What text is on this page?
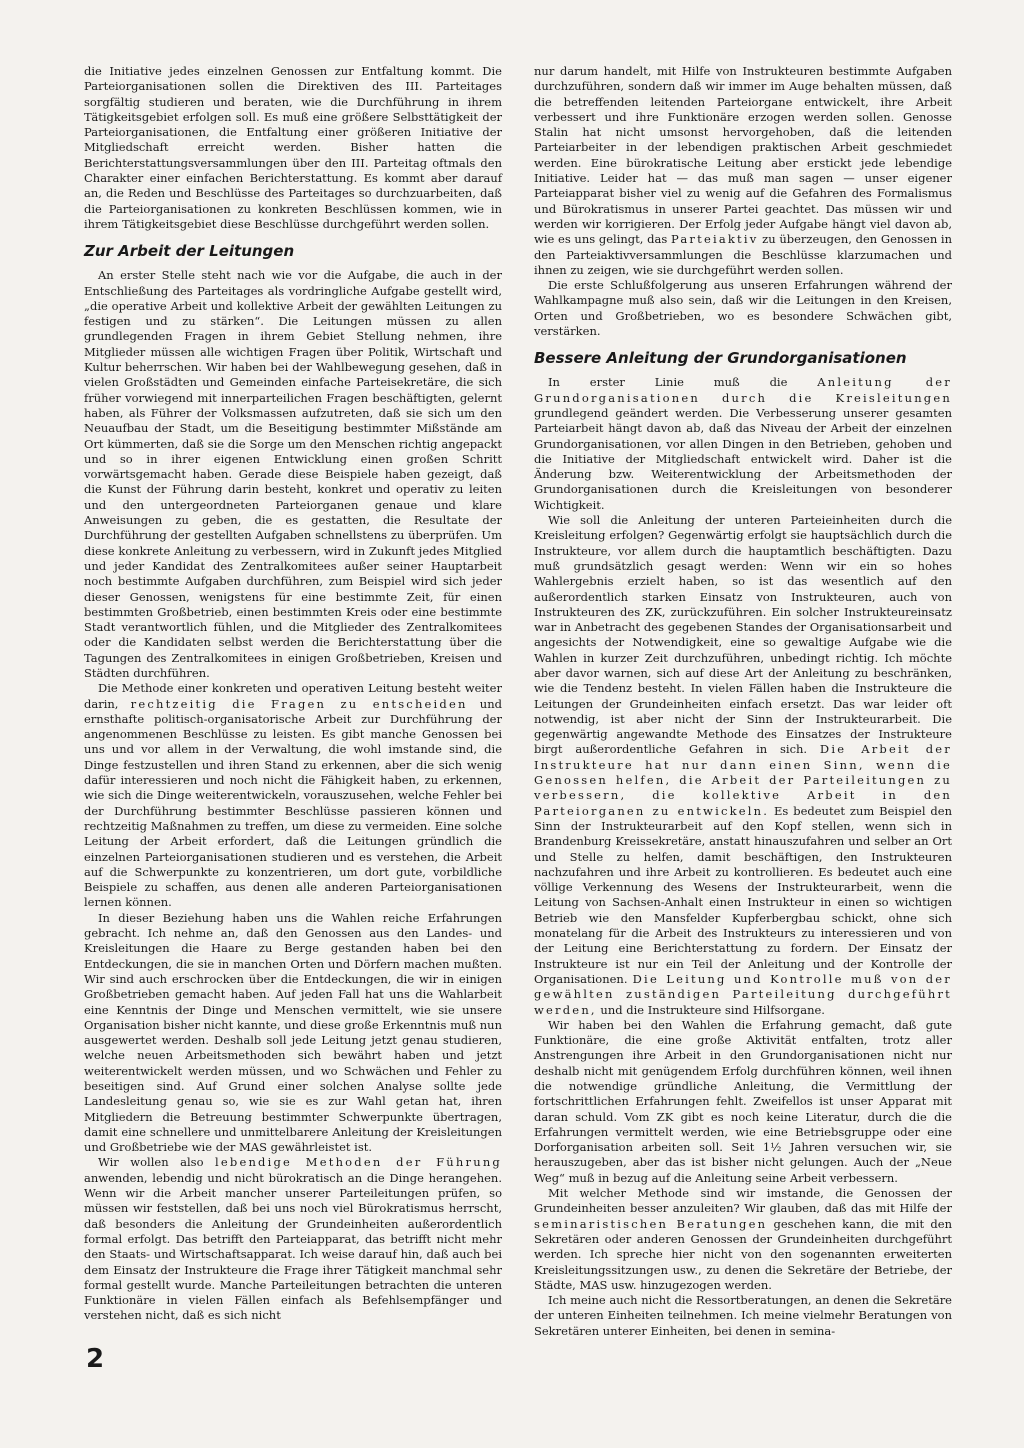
die Initiative jedes einzelnen Genossen zur Entfaltung kommt. Die Parteiorganisationen sollen die Direktiven des III. Parteitages sorgfältig studieren und beraten, wie die Durchführung in ihrem Tätigkeitsgebiet erfolgen soll. Es muß eine größere Selbsttätigkeit der Parteiorganisationen, die Entfaltung einer größeren Initiative der Mitgliedschaft erreicht werden. Bisher hatten die Berichterstattungsversammlungen über den III. Parteitag oftmals den Charakter einer einfachen Berichterstattung. Es kommt aber darauf an, die Reden und Beschlüsse des Parteitages so durchzuarbeiten, daß die Parteiorganisationen zu konkreten Beschlüssen kommen, wie in ihrem Tätigkeitsgebiet diese Beschlüsse durchgeführt werden sollen.

Zur Arbeit der Leitungen

An erster Stelle steht nach wie vor die Aufgabe, die auch in der Entschließung des Parteitages als vordringliche Aufgabe gestellt wird, „die operative Arbeit und kollektive Arbeit der gewählten Leitungen zu festigen und zu stärken“. Die Leitungen müssen zu allen grundlegenden Fragen in ihrem Gebiet Stellung nehmen, ihre Mitglieder müssen alle wichtigen Fragen über Politik, Wirtschaft und Kultur beherrschen. Wir haben bei der Wahlbewegung gesehen, daß in vielen Großstädten und Gemeinden einfache Parteisekretäre, die sich früher vorwiegend mit innerparteilichen Fragen beschäftigten, gelernt haben, als Führer der Volksmassen aufzutreten, daß sie sich um den Neuaufbau der Stadt, um die Beseitigung bestimmter Mißstände am Ort kümmerten, daß sie die Sorge um den Menschen richtig angepackt und so in ihrer eigenen Entwicklung einen großen Schritt vorwärtsgemacht haben. Gerade diese Beispiele haben gezeigt, daß die Kunst der Führung darin besteht, konkret und operativ zu leiten und den untergeordneten Parteiorganen genaue und klare Anweisungen zu geben, die es gestatten, die Resultate der Durchführung der gestellten Aufgaben schnellstens zu überprüfen. Um diese konkrete Anleitung zu verbessern, wird in Zukunft jedes Mitglied und jeder Kandidat des Zentralkomitees außer seiner Hauptarbeit noch bestimmte Aufgaben durchführen, zum Beispiel wird sich jeder dieser Genossen, wenigstens für eine bestimmte Zeit, für einen bestimmten Großbetrieb, einen bestimmten Kreis oder eine bestimmte Stadt verantwortlich fühlen, und die Mitglieder des Zentralkomitees oder die Kandidaten selbst werden die Berichterstattung über die Tagungen des Zentralkomitees in einigen Großbetrieben, Kreisen und Städten durchführen.

Die Methode einer konkreten und operativen Leitung besteht weiter darin, rechtzeitig die Fragen zu entscheiden und ernsthafte politisch-organisatorische Arbeit zur Durchführung der angenommenen Beschlüsse zu leisten. Es gibt manche Genossen bei uns und vor allem in der Verwaltung, die wohl imstande sind, die Dinge festzustellen und ihren Stand zu erkennen, aber die sich wenig dafür interessieren und noch nicht die Fähigkeit haben, zu erkennen, wie sich die Dinge weiterentwickeln, vorauszusehen, welche Fehler bei der Durchführung bestimmter Beschlüsse passieren können und rechtzeitig Maßnahmen zu treffen, um diese zu vermeiden. Eine solche Leitung der Arbeit erfordert, daß die Leitungen gründlich die einzelnen Parteiorganisationen studieren und es verstehen, die Arbeit auf die Schwerpunkte zu konzentrieren, um dort gute, vorbildliche Beispiele zu schaffen, aus denen alle anderen Parteiorganisationen lernen können.

In dieser Beziehung haben uns die Wahlen reiche Erfahrungen gebracht. Ich nehme an, daß den Genossen aus den Landes- und Kreisleitungen die Haare zu Berge gestanden haben bei den Entdeckungen, die sie in manchen Orten und Dörfern machen mußten. Wir sind auch erschrocken über die Entdeckungen, die wir in einigen Großbetrieben gemacht haben. Auf jeden Fall hat uns die Wahlarbeit eine Kenntnis der Dinge und Menschen vermittelt, wie sie unsere Organisation bisher nicht kannte, und diese große Erkenntnis muß nun ausgewertet werden. Deshalb soll jede Leitung jetzt genau studieren, welche neuen Arbeitsmethoden sich bewährt haben und jetzt weiterentwickelt werden müssen, und wo Schwächen und Fehler zu beseitigen sind. Auf Grund einer solchen Analyse sollte jede Landesleitung genau so, wie sie es zur Wahl getan hat, ihren Mitgliedern die Betreuung bestimmter Schwerpunkte übertragen, damit eine schnellere und unmittelbarere Anleitung der Kreisleitungen und Großbetriebe wie der MAS gewährleistet ist.

Wir wollen also lebendige Methoden der Führung anwenden, lebendig und nicht bürokratisch an die Dinge herangehen. Wenn wir die Arbeit mancher unserer Parteileitungen prüfen, so müssen wir feststellen, daß bei uns noch viel Bürokratismus herrscht, daß besonders die Anleitung der Grundeinheiten außerordentlich formal erfolgt. Das betrifft den Parteiapparat, das betrifft nicht mehr den Staats- und Wirtschaftsapparat. Ich weise darauf hin, daß auch bei dem Einsatz der Instrukteure die Frage ihrer Tätigkeit manchmal sehr formal gestellt wurde. Manche Parteileitungen betrachten die unteren Funktionäre in vielen Fällen einfach als Befehlsempfänger und verstehen nicht, daß es sich nicht

nur darum handelt, mit Hilfe von Instrukteuren bestimmte Aufgaben durchzuführen, sondern daß wir immer im Auge behalten müssen, daß die betreffenden leitenden Parteiorgane entwickelt, ihre Arbeit verbessert und ihre Funktionäre erzogen werden sollen. Genosse Stalin hat nicht umsonst hervorgehoben, daß die leitenden Parteiarbeiter in der lebendigen praktischen Arbeit geschmiedet werden. Eine bürokratische Leitung aber erstickt jede lebendige Initiative. Leider hat — das muß man sagen — unser eigener Parteiapparat bisher viel zu wenig auf die Gefahren des Formalismus und Bürokratismus in unserer Partei geachtet. Das müssen wir und werden wir korrigieren. Der Erfolg jeder Aufgabe hängt viel davon ab, wie es uns gelingt, das Parteiaktiv zu überzeugen, den Genossen in den Parteiaktivversammlungen die Beschlüsse klarzumachen und ihnen zu zeigen, wie sie durchgeführt werden sollen.

Die erste Schlußfolgerung aus unseren Erfahrungen während der Wahlkampagne muß also sein, daß wir die Leitungen in den Kreisen, Orten und Großbetrieben, wo es besondere Schwächen gibt, verstärken.

Bessere Anleitung der Grundorganisationen

In erster Linie muß die Anleitung der Grundorganisationen durch die Kreisleitungen grundlegend geändert werden. Die Verbesserung unserer gesamten Parteiarbeit hängt davon ab, daß das Niveau der Arbeit der einzelnen Grundorganisationen, vor allen Dingen in den Betrieben, gehoben und die Initiative der Mitgliedschaft entwickelt wird. Daher ist die Änderung bzw. Weiterentwicklung der Arbeitsmethoden der Grundorganisationen durch die Kreisleitungen von besonderer Wichtigkeit.

Wie soll die Anleitung der unteren Parteieinheiten durch die Kreisleitung erfolgen? Gegenwärtig erfolgt sie hauptsächlich durch die Instrukteure, vor allem durch die hauptamtlich beschäftigten. Dazu muß grundsätzlich gesagt werden: Wenn wir ein so hohes Wahlergebnis erzielt haben, so ist das wesentlich auf den außerordentlich starken Einsatz von Instrukteuren, auch von Instrukteuren des ZK, zurückzuführen. Ein solcher Instrukteureinsatz war in Anbetracht des gegebenen Standes der Organisationsarbeit und angesichts der Notwendigkeit, eine so gewaltige Aufgabe wie die Wahlen in kurzer Zeit durchzuführen, unbedingt richtig. Ich möchte aber davor warnen, sich auf diese Art der Anleitung zu beschränken, wie die Tendenz besteht. In vielen Fällen haben die Instrukteure die Leitungen der Grundeinheiten einfach ersetzt. Das war leider oft notwendig, ist aber nicht der Sinn der Instrukteurarbeit. Die gegenwärtig angewandte Methode des Einsatzes der Instrukteure birgt außerordentliche Gefahren in sich. Die Arbeit der Instrukteure hat nur dann einen Sinn, wenn die Genossen helfen, die Arbeit der Parteileitungen zu verbessern, die kollektive Arbeit in den Parteiorganen zu entwickeln. Es bedeutet zum Beispiel den Sinn der Instrukteurarbeit auf den Kopf stellen, wenn sich in Brandenburg Kreissekretäre, anstatt hinauszufahren und selber an Ort und Stelle zu helfen, damit beschäftigen, den Instrukteuren nachzufahren und ihre Arbeit zu kontrollieren. Es bedeutet auch eine völlige Verkennung des Wesens der Instrukteurarbeit, wenn die Leitung von Sachsen-Anhalt einen Instrukteur in einen so wichtigen Betrieb wie den Mansfelder Kupferbergbau schickt, ohne sich monatelang für die Arbeit des Instrukteurs zu interessieren und von der Leitung eine Berichterstattung zu fordern. Der Einsatz der Instrukteure ist nur ein Teil der Anleitung und der Kontrolle der Organisationen. Die Leitung und Kontrolle muß von der gewählten zuständigen Parteileitung durchgeführt werden, und die Instrukteure sind Hilfsorgane.

Wir haben bei den Wahlen die Erfahrung gemacht, daß gute Funktionäre, die eine große Aktivität entfalten, trotz aller Anstrengungen ihre Arbeit in den Grundorganisationen nicht nur deshalb nicht mit genügendem Erfolg durchführen können, weil ihnen die notwendige gründliche Anleitung, die Vermittlung der fortschrittlichen Erfahrungen fehlt. Zweifellos ist unser Apparat mit daran schuld. Vom ZK gibt es noch keine Literatur, durch die die Erfahrungen vermittelt werden, wie eine Betriebsgruppe oder eine Dorforganisation arbeiten soll. Seit 1½ Jahren versuchen wir, sie herauszugeben, aber das ist bisher nicht gelungen. Auch der „Neue Weg“ muß in bezug auf die Anleitung seine Arbeit verbessern.

Mit welcher Methode sind wir imstande, die Genossen der Grundeinheiten besser anzuleiten? Wir glauben, daß das mit Hilfe der seminaristischen Beratungen geschehen kann, die mit den Sekretären oder anderen Genossen der Grundeinheiten durchgeführt werden. Ich spreche hier nicht von den sogenannten erweiterten Kreisleitungssitzungen usw., zu denen die Sekretäre der Betriebe, der Städte, MAS usw. hinzugezogen werden.

Ich meine auch nicht die Ressortberatungen, an denen die Sekretäre der unteren Einheiten teilnehmen. Ich meine vielmehr Beratungen von Sekretären unterer Einheiten, bei denen in semina-

2
